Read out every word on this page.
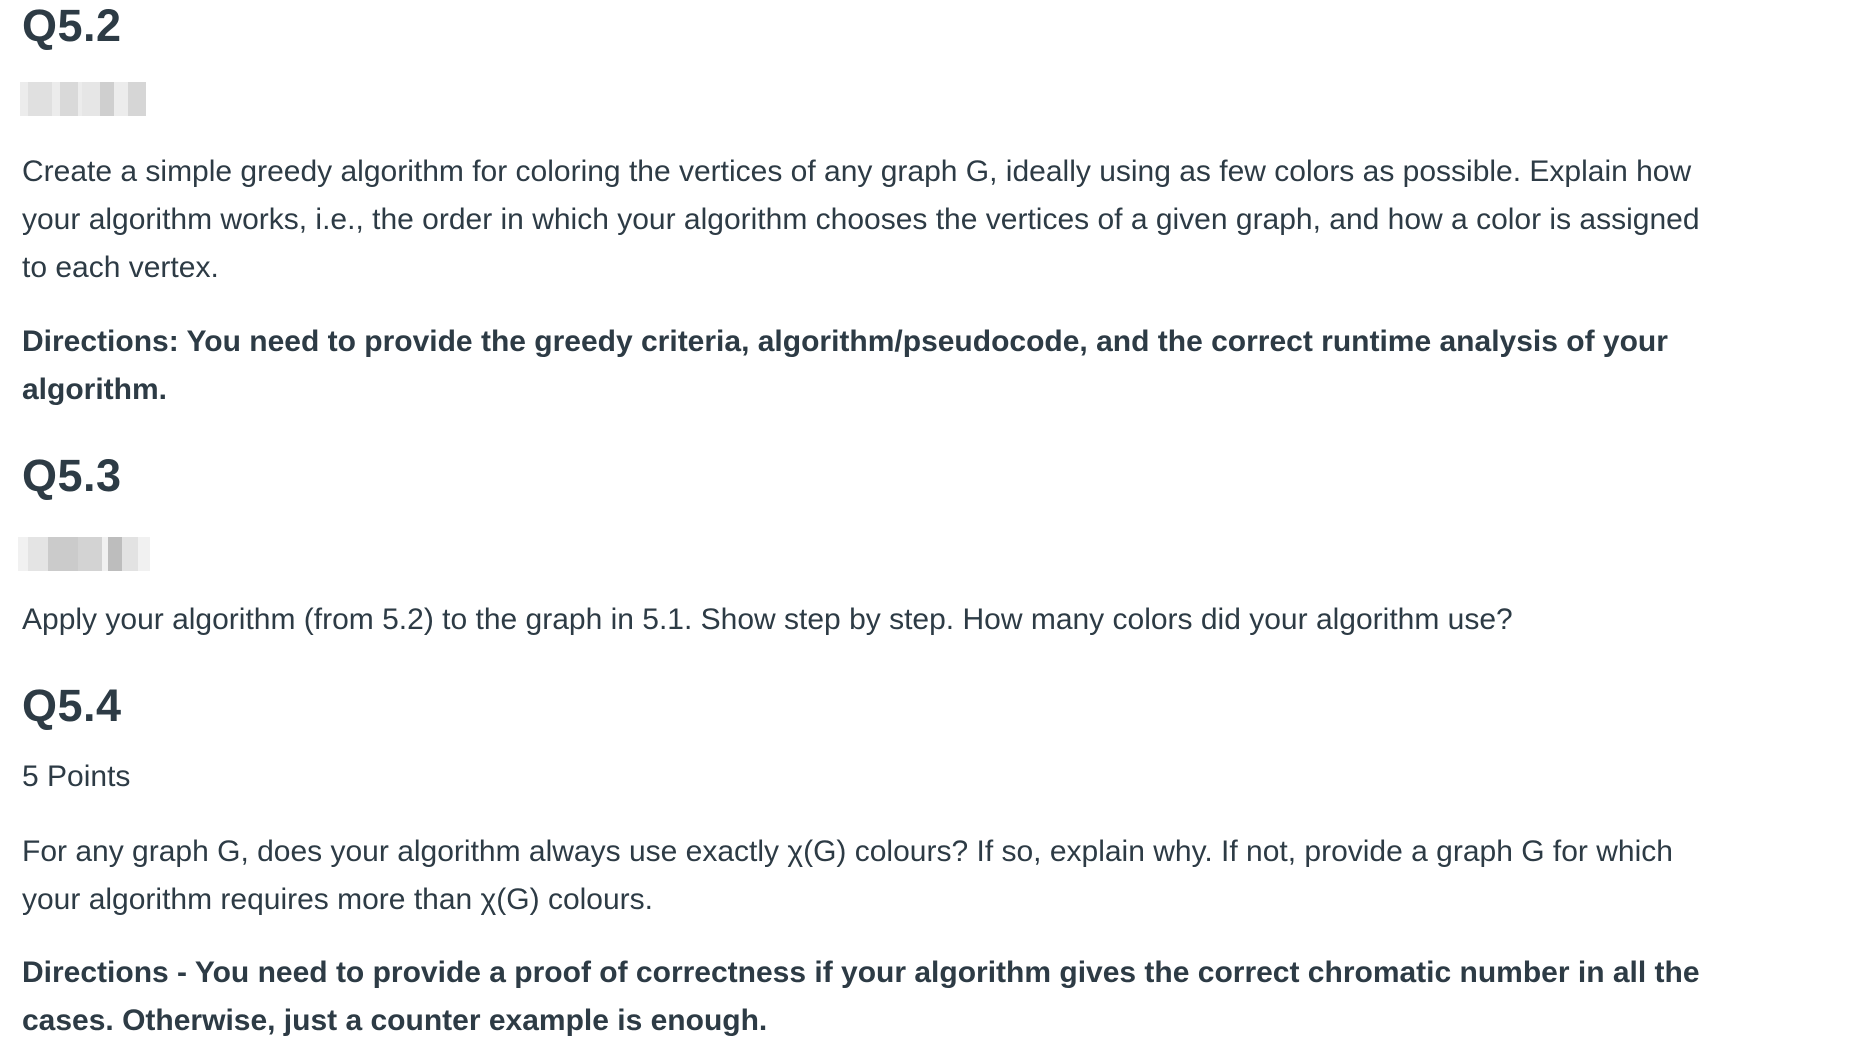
Q5.2

Create a simple greedy algorithm for coloring the vertices of any graph G, ideally using as few colors as possible. Explain how your algorithm works, i.e., the order in which your algorithm chooses the vertices of a given graph, and how a color is assigned to each vertex.

Directions: You need to provide the greedy criteria, algorithm/pseudocode, and the correct runtime analysis of your algorithm.

Q5.3

Apply your algorithm (from 5.2) to the graph in 5.1. Show step by step. How many colors did your algorithm use?

Q5.4

5 Points

For any graph G, does your algorithm always use exactly χ(G) colours? If so, explain why. If not, provide a graph G for which your algorithm requires more than χ(G) colours.

Directions - You need to provide a proof of correctness if your algorithm gives the correct chromatic number in all the cases. Otherwise, just a counter example is enough.
